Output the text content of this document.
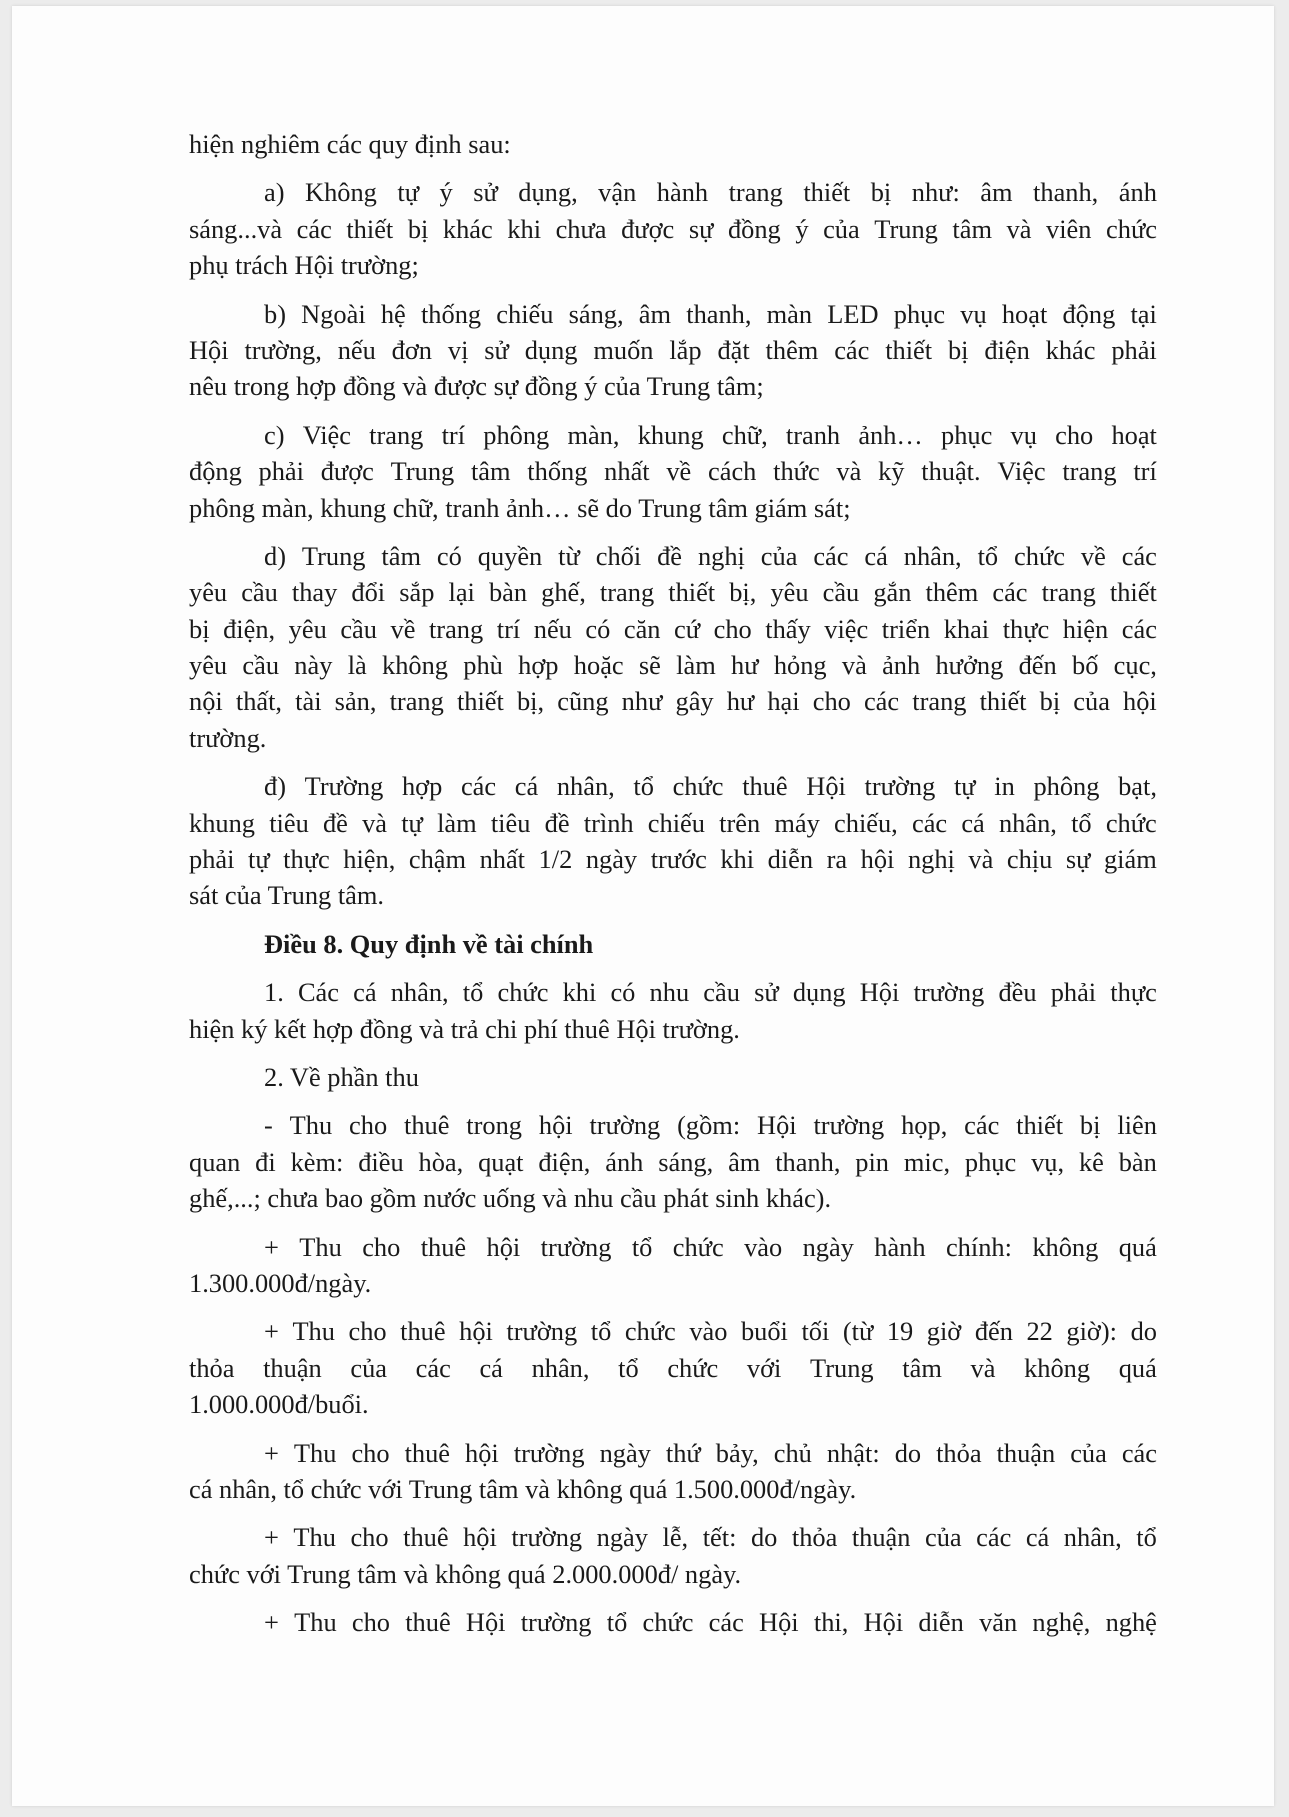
hiện nghiêm các quy định sau:
a) Không tự ý sử dụng, vận hành trang thiết bị như: âm thanh, ánh
sáng...và các thiết bị khác khi chưa được sự đồng ý của Trung tâm và viên chức
phụ trách Hội trường;
b) Ngoài hệ thống chiếu sáng, âm thanh, màn LED phục vụ hoạt động tại
Hội trường, nếu đơn vị sử dụng muốn lắp đặt thêm các thiết bị điện khác phải
nêu trong hợp đồng và được sự đồng ý của Trung tâm;
c) Việc trang trí phông màn, khung chữ, tranh ảnh… phục vụ cho hoạt
động phải được Trung tâm thống nhất về cách thức và kỹ thuật. Việc trang trí
phông màn, khung chữ, tranh ảnh… sẽ do Trung tâm giám sát;
d) Trung tâm có quyền từ chối đề nghị của các cá nhân, tổ chức về các
yêu cầu thay đổi sắp lại bàn ghế, trang thiết bị, yêu cầu gắn thêm các trang thiết
bị điện, yêu cầu về trang trí nếu có căn cứ cho thấy việc triển khai thực hiện các
yêu cầu này là không phù hợp hoặc sẽ làm hư hỏng và ảnh hưởng đến bố cục,
nội thất, tài sản, trang thiết bị, cũng như gây hư hại cho các trang thiết bị của hội
trường.
đ) Trường hợp các cá nhân, tổ chức thuê Hội trường tự in phông bạt,
khung tiêu đề và tự làm tiêu đề trình chiếu trên máy chiếu, các cá nhân, tổ chức
phải tự thực hiện, chậm nhất 1/2 ngày trước khi diễn ra hội nghị và chịu sự giám
sát của Trung tâm.
Điều 8. Quy định về tài chính
1. Các cá nhân, tổ chức khi có nhu cầu sử dụng Hội trường đều phải thực
hiện ký kết hợp đồng và trả chi phí thuê Hội trường.
2. Về phần thu
- Thu cho thuê trong hội trường (gồm: Hội trường họp, các thiết bị liên
quan đi kèm: điều hòa, quạt điện, ánh sáng, âm thanh, pin mic, phục vụ, kê bàn
ghế,...; chưa bao gồm nước uống và nhu cầu phát sinh khác).
+ Thu cho thuê hội trường tổ chức vào ngày hành chính: không quá
1.300.000đ/ngày.
+ Thu cho thuê hội trường tổ chức vào buổi tối (từ 19 giờ đến 22 giờ): do
thỏa thuận của các cá nhân, tổ chức với Trung tâm và không quá
1.000.000đ/buổi.
+ Thu cho thuê hội trường ngày thứ bảy, chủ nhật: do thỏa thuận của các
cá nhân, tổ chức với Trung tâm và không quá 1.500.000đ/ngày.
+ Thu cho thuê hội trường ngày lễ, tết: do thỏa thuận của các cá nhân, tổ
chức với Trung tâm và không quá 2.000.000đ/ ngày.
+ Thu cho thuê Hội trường tổ chức các Hội thi, Hội diễn văn nghệ, nghệ
